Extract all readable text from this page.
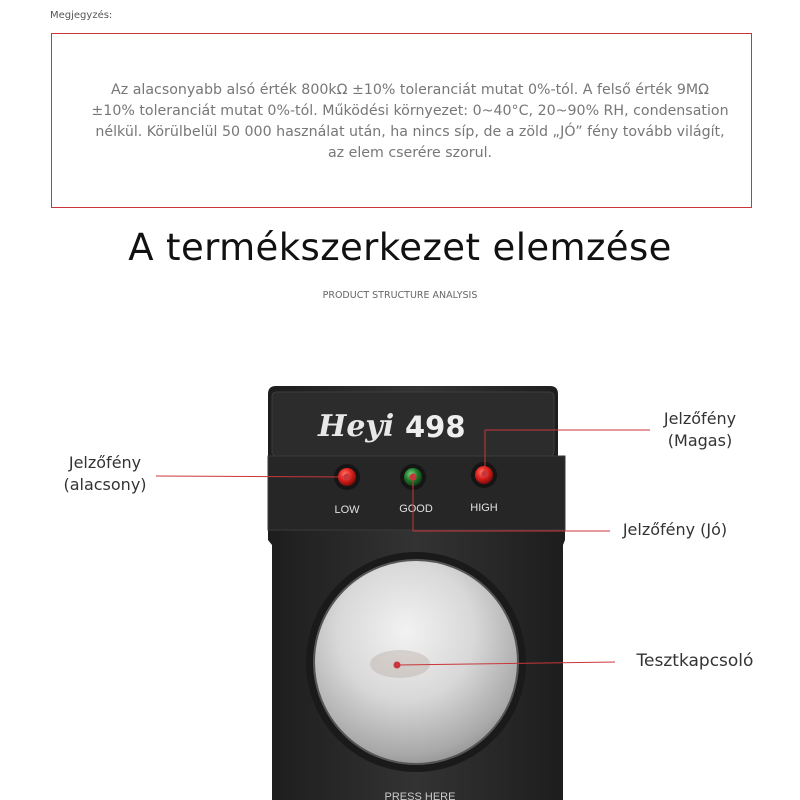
Megjegyzés:
Az alacsonyabb alsó érték 800kΩ ±10% toleranciát mutat 0%-tól. A felső érték 9MΩ ±10% toleranciát mutat 0%-tól. Működési környezet: 0~40°C, 20~90% RH, condensation nélkül. Körülbelül 50 000 használat után, ha nincs síp, de a zöld „JÓ” fény tovább világít, az elem cserére szorul.
A termékszerkezet elemzése
PRODUCT STRUCTURE ANALYSIS
Heyi 498
LOW	GOOD	HIGH
PRESS HERE
Jelzőfény (alacsony)
Jelzőfény (Magas)
Jelzőfény (Jó)
Tesztkapcsoló
